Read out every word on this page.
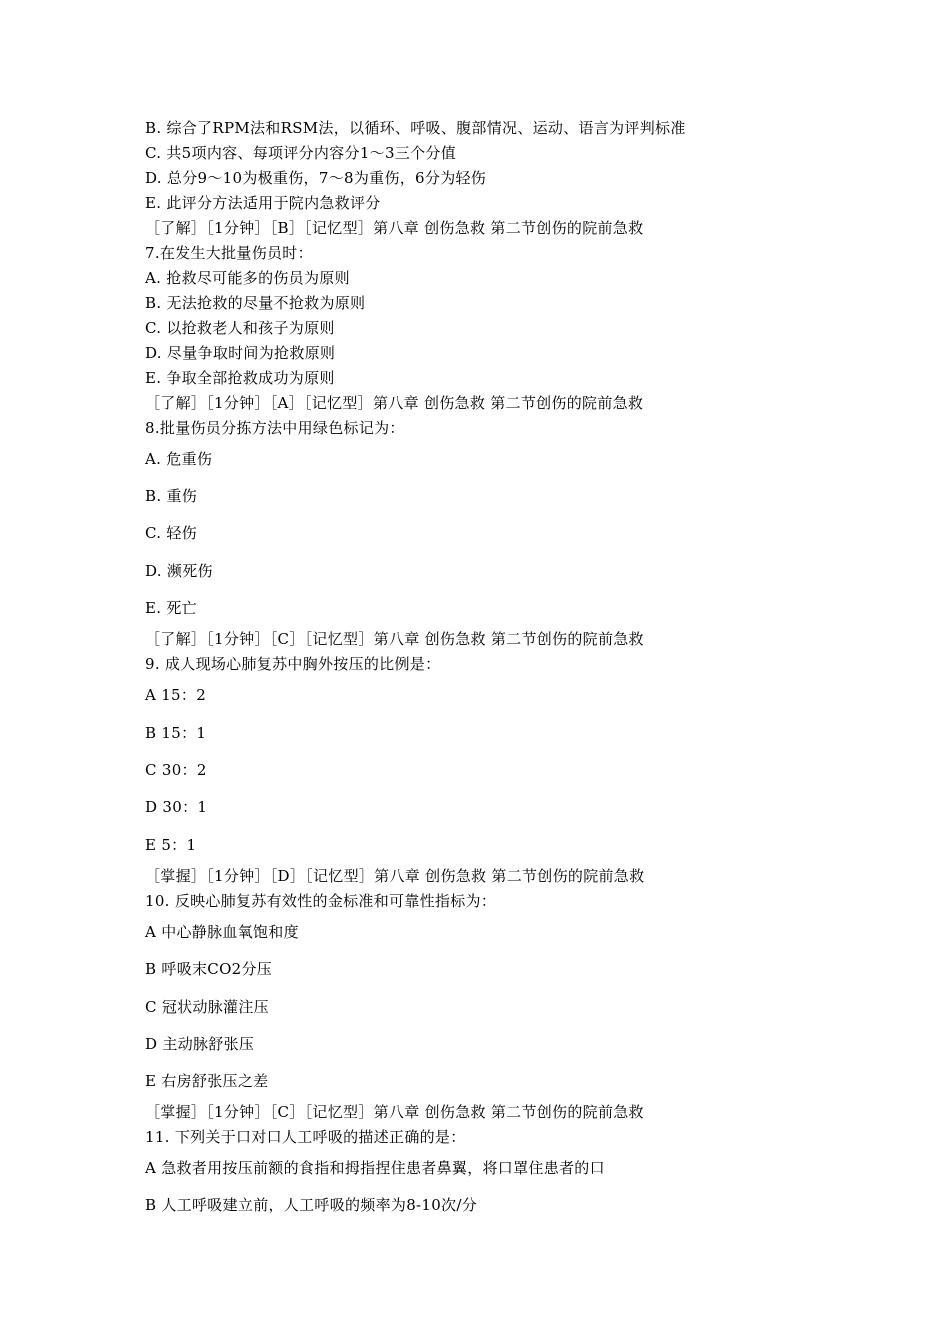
B. 综合了RPM法和RSM法，以循环、呼吸、腹部情况、运动、语言为评判标准
C. 共5项内容、每项评分内容分1～3三个分值
D. 总分9～10为极重伤，7～8为重伤，6分为轻伤
E. 此评分方法适用于院内急救评分
［了解］［1分钟］［B］［记忆型］第八章 创伤急救 第二节创伤的院前急救
7.在发生大批量伤员时：
A. 抢救尽可能多的伤员为原则
B. 无法抢救的尽量不抢救为原则
C. 以抢救老人和孩子为原则
D. 尽量争取时间为抢救原则
E. 争取全部抢救成功为原则
［了解］［1分钟］［A］［记忆型］第八章 创伤急救 第二节创伤的院前急救
8.批量伤员分拣方法中用绿色标记为：
A. 危重伤
B. 重伤
C. 轻伤
D. 濒死伤
E. 死亡
［了解］［1分钟］［C］［记忆型］第八章 创伤急救 第二节创伤的院前急救
9. 成人现场心肺复苏中胸外按压的比例是：
A 15：2
B 15：1
C 30：2
D 30：1
E 5：1
［掌握］［1分钟］［D］［记忆型］第八章 创伤急救 第二节创伤的院前急救
10. 反映心肺复苏有效性的金标准和可靠性指标为：
A 中心静脉血氧饱和度
B 呼吸末CO2分压
C 冠状动脉灌注压
D 主动脉舒张压
E 右房舒张压之差
［掌握］［1分钟］［C］［记忆型］第八章 创伤急救 第二节创伤的院前急救
11. 下列关于口对口人工呼吸的描述正确的是：
A 急救者用按压前额的食指和拇指捏住患者鼻翼，将口罩住患者的口
B 人工呼吸建立前，人工呼吸的频率为8-10次/分
